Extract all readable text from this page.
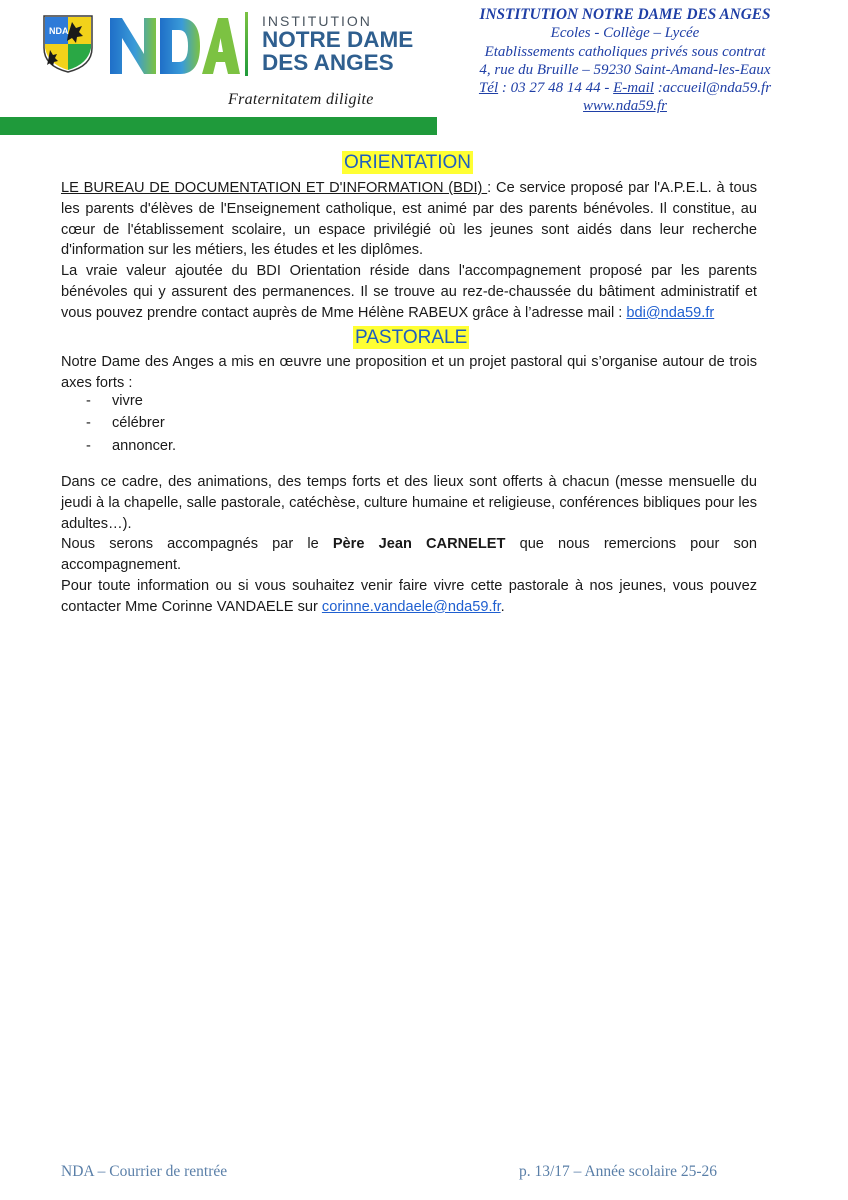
NDA
INSTITUTION
NOTRE DAME
DES ANGES
Fraternitatem diligite
INSTITUTION NOTRE DAME DES ANGES
Ecoles - Collège – Lycée
Etablissements catholiques privés sous contrat
4, rue du Bruille – 59230 Saint-Amand-les-Eaux
Tél : 03 27 48 14 44 - E-mail :accueil@nda59.fr
www.nda59.fr
ORIENTATION
LE BUREAU DE DOCUMENTATION ET D'INFORMATION (BDI) : Ce service proposé par l'A.P.E.L. à tous les parents d'élèves de l'Enseignement catholique, est animé par des parents bénévoles. Il constitue, au cœur de l'établissement scolaire, un espace privilégié où les jeunes sont aidés dans leur recherche d'information sur les métiers, les études et les diplômes.
La vraie valeur ajoutée du BDI Orientation réside dans l'accompagnement proposé par les parents bénévoles qui y assurent des permanences. Il se trouve au rez-de-chaussée du bâtiment administratif et vous pouvez prendre contact auprès de Mme Hélène RABEUX grâce à l’adresse mail : bdi@nda59.fr
PASTORALE
Notre Dame des Anges a mis en œuvre une proposition et un projet pastoral qui s’organise autour de trois axes forts :
- vivre
- célébrer
- annoncer.
Dans ce cadre, des animations, des temps forts et des lieux sont offerts à chacun (messe mensuelle du jeudi à la chapelle, salle pastorale, catéchèse, culture humaine et religieuse, conférences bibliques pour les adultes…).
Nous serons accompagnés par le Père Jean CARNELET que nous remercions pour son accompagnement.
Pour toute information ou si vous souhaitez venir faire vivre cette pastorale à nos jeunes, vous pouvez contacter Mme Corinne VANDAELE sur corinne.vandaele@nda59.fr.
NDA – Courrier de rentrée	p. 13/17 – Année scolaire 25-26
